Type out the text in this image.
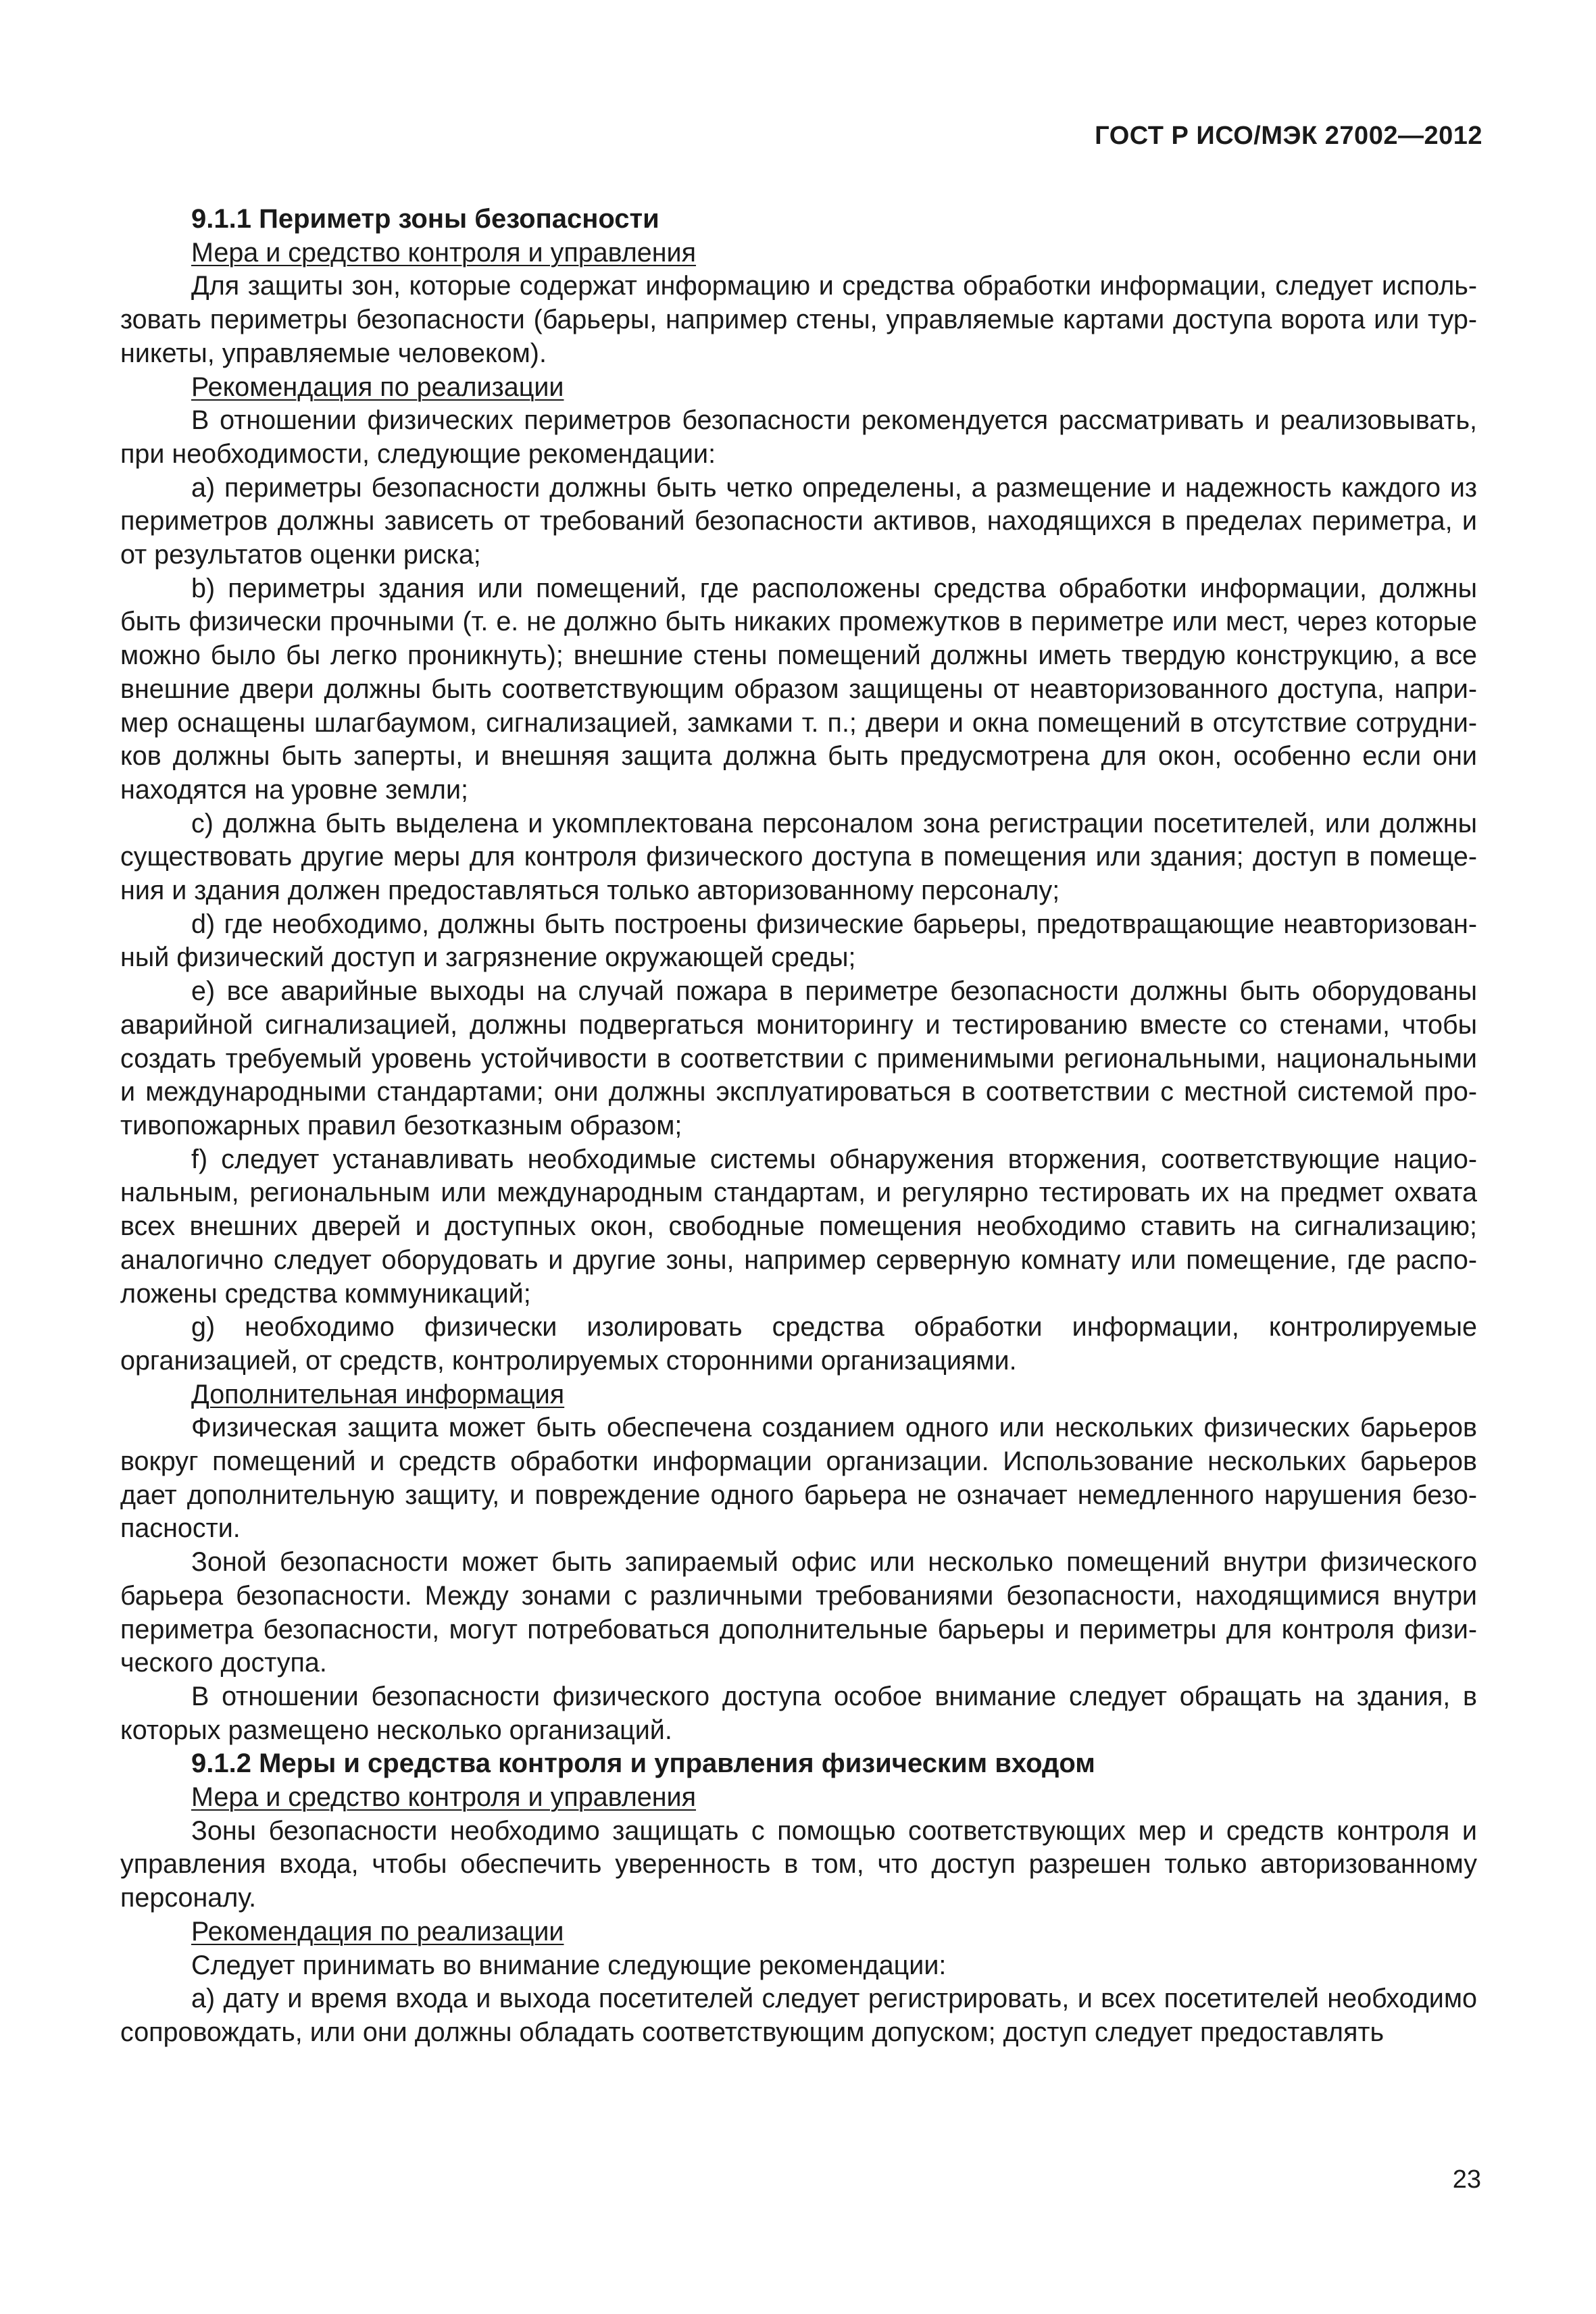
ГОСТ Р ИСО/МЭК 27002—2012
9.1.1 Периметр зоны безопасности

Мера и средство контроля и управления

Для защиты зон, которые содержат информацию и средства обработки информации, следует использовать периметры безопасности (барьеры, например стены, управляемые картами доступа ворота или турникеты, управляемые человеком).

Рекомендация по реализации

В отношении физических периметров безопасности рекомендуется рассматривать и реализовывать, при необходимости, следующие рекомендации:

a) периметры безопасности должны быть четко определены, а размещение и надежность каждого из периметров должны зависеть от требований безопасности активов, находящихся в пределах периметра, и от результатов оценки риска;

b) периметры здания или помещений, где расположены средства обработки информации, должны быть физически прочными (т. е. не должно быть никаких промежутков в периметре или мест, через которые можно было бы легко проникнуть); внешние стены помещений должны иметь твердую конструкцию, а все внешние двери должны быть соответствующим образом защищены от неавторизованного доступа, например оснащены шлагбаумом, сигнализацией, замками т. п.; двери и окна помещений в отсутствие сотрудников должны быть заперты, и внешняя защита должна быть предусмотрена для окон, особенно если они находятся на уровне земли;

c) должна быть выделена и укомплектована персоналом зона регистрации посетителей, или должны существовать другие меры для контроля физического доступа в помещения или здания; доступ в помещения и здания должен предоставляться только авторизованному персоналу;

d) где необходимо, должны быть построены физические барьеры, предотвращающие неавторизованный физический доступ и загрязнение окружающей среды;

e) все аварийные выходы на случай пожара в периметре безопасности должны быть оборудованы аварийной сигнализацией, должны подвергаться мониторингу и тестированию вместе со стенами, чтобы создать требуемый уровень устойчивости в соответствии с применимыми региональными, национальными и международными стандартами; они должны эксплуатироваться в соответствии с местной системой противопожарных правил безотказным образом;

f) следует устанавливать необходимые системы обнаружения вторжения, соответствующие национальным, региональным или международным стандартам, и регулярно тестировать их на предмет охвата всех внешних дверей и доступных окон, свободные помещения необходимо ставить на сигнализацию; аналогично следует оборудовать и другие зоны, например серверную комнату или помещение, где расположены средства коммуникаций;

g) необходимо физически изолировать средства обработки информации, контролируемые организацией, от средств, контролируемых сторонними организациями.

Дополнительная информация

Физическая защита может быть обеспечена созданием одного или нескольких физических барьеров вокруг помещений и средств обработки информации организации. Использование нескольких барьеров дает дополнительную защиту, и повреждение одного барьера не означает немедленного нарушения безопасности.

Зоной безопасности может быть запираемый офис или несколько помещений внутри физического барьера безопасности. Между зонами с различными требованиями безопасности, находящимися внутри периметра безопасности, могут потребоваться дополнительные барьеры и периметры для контроля физического доступа.

В отношении безопасности физического доступа особое внимание следует обращать на здания, в которых размещено несколько организаций.

9.1.2 Меры и средства контроля и управления физическим входом

Мера и средство контроля и управления

Зоны безопасности необходимо защищать с помощью соответствующих мер и средств контроля и управления входа, чтобы обеспечить уверенность в том, что доступ разрешен только авторизованному персоналу.

Рекомендация по реализации

Следует принимать во внимание следующие рекомендации:

a) дату и время входа и выхода посетителей следует регистрировать, и всех посетителей необходимо сопровождать, или они должны обладать соответствующим допуском; доступ следует предоставлять

23
